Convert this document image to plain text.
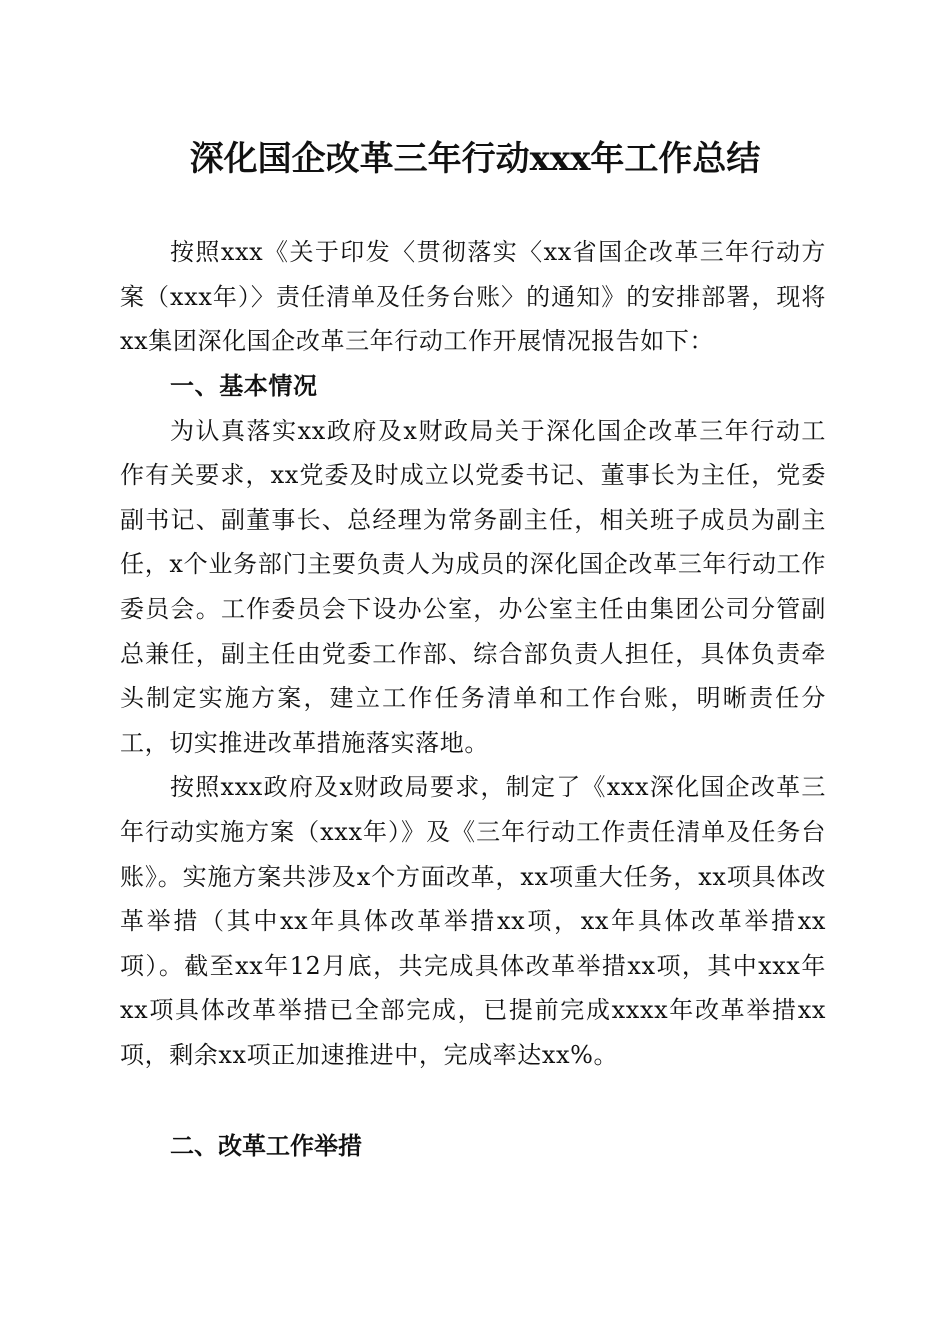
深化国企改革三年行动xxx年工作总结

按照xxx《关于印发〈贯彻落实〈xx省国企改革三年行动方案（xxx年）〉责任清单及任务台账〉的通知》的安排部署，现将xx集团深化国企改革三年行动工作开展情况报告如下：

一、基本情况

为认真落实xx政府及x财政局关于深化国企改革三年行动工作有关要求，xx党委及时成立以党委书记、董事长为主任，党委副书记、副董事长、总经理为常务副主任，相关班子成员为副主任，x个业务部门主要负责人为成员的深化国企改革三年行动工作委员会。工作委员会下设办公室，办公室主任由集团公司分管副总兼任，副主任由党委工作部、综合部负责人担任，具体负责牵头制定实施方案，建立工作任务清单和工作台账，明晰责任分工，切实推进改革措施落实落地。

按照xxx政府及x财政局要求，制定了《xxx深化国企改革三年行动实施方案（xxx年）》及《三年行动工作责任清单及任务台账》。实施方案共涉及x个方面改革，xx项重大任务，xx项具体改革举措（其中xx年具体改革举措xx项，xx年具体改革举措xx项）。截至xx年12月底，共完成具体改革举措xx项，其中xxx年xx项具体改革举措已全部完成，已提前完成xxxx年改革举措xx项，剩余xx项正加速推进中，完成率达xx%。

二、改革工作举措
